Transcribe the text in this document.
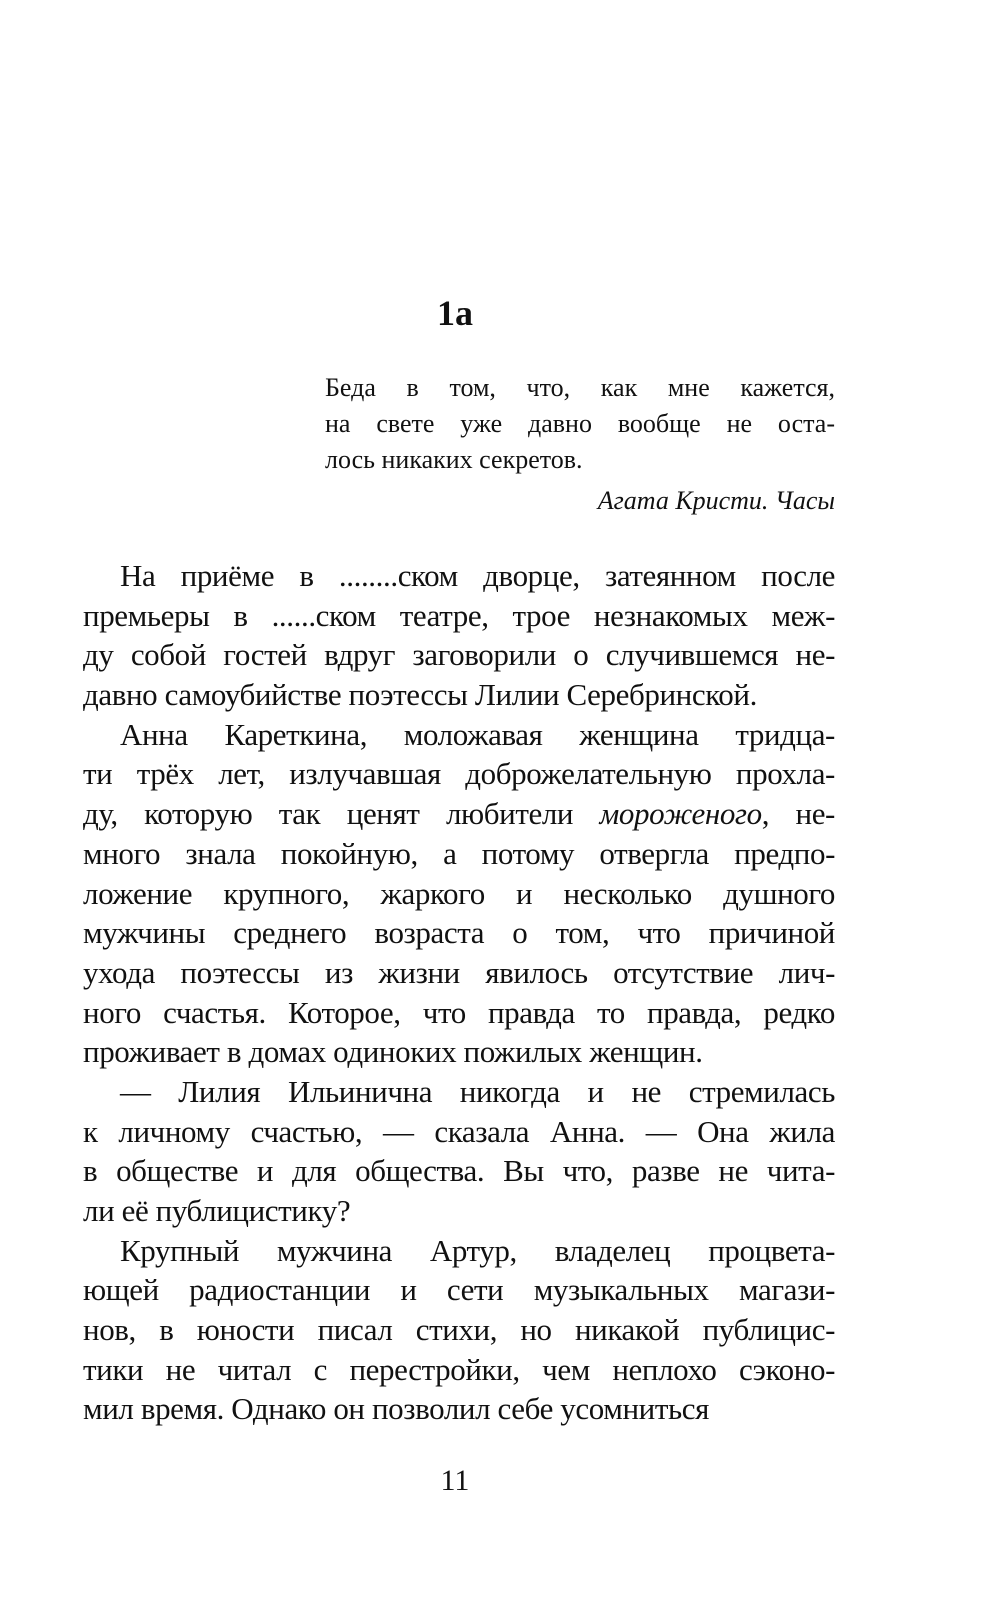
1а
Беда в том, что, как мне кажется,
на свете уже давно вообще не оста-
лось никаких секретов.
Агата Кристи. Часы
На приёме в ........ском дворце, затеянном после
премьеры в ......ском театре, трое незнакомых меж-
ду собой гостей вдруг заговорили о случившемся не-
давно самоубийстве поэтессы Лилии Серебринской.
Анна Кареткина, моложавая женщина тридца-
ти трёх лет, излучавшая доброжелательную прохла-
ду, которую так ценят любители мороженого, не-
много знала покойную, а потому отвергла предпо-
ложение крупного, жаркого и несколько душного
мужчины среднего возраста о том, что причиной
ухода поэтессы из жизни явилось отсутствие лич-
ного счастья. Которое, что правда то правда, редко
проживает в домах одиноких пожилых женщин.
— Лилия Ильинична никогда и не стремилась
к личному счастью, — сказала Анна. — Она жила
в обществе и для общества. Вы что, разве не чита-
ли её публицистику?
Крупный мужчина Артур, владелец процвета-
ющей радиостанции и сети музыкальных магази-
нов, в юности писал стихи, но никакой публицис-
тики не читал с перестройки, чем неплохо сэконо-
мил время. Однако он позволил себе усомниться
11
